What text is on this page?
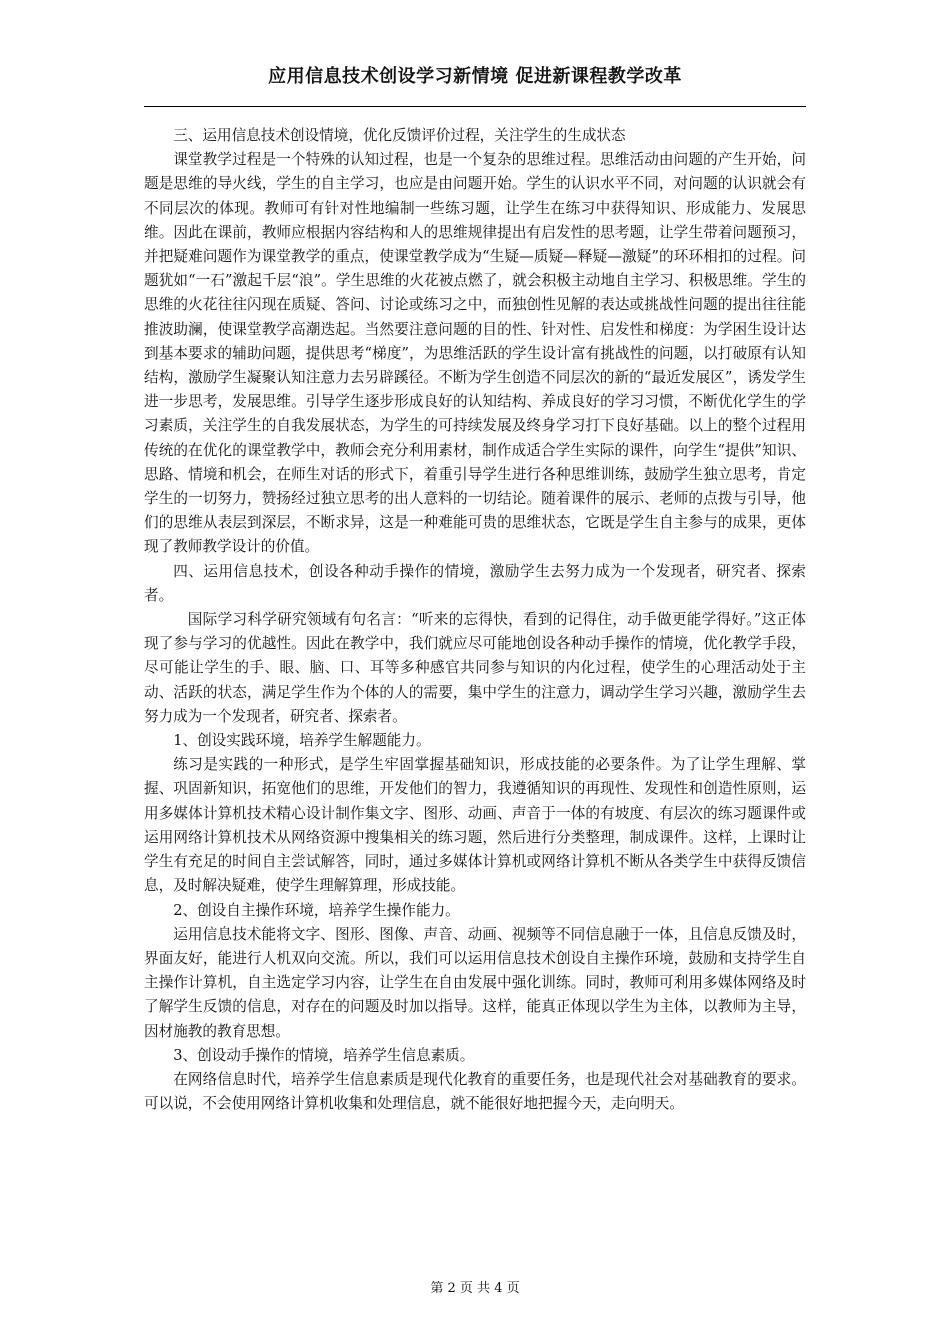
应用信息技术创设学习新情境 促进新课程教学改革

三、运用信息技术创设情境，优化反馈评价过程，关注学生的生成状态

课堂教学过程是一个特殊的认知过程，也是一个复杂的思维过程。思维活动由问题的产生开始，问题是思维的导火线，学生的自主学习，也应是由问题开始。学生的认识水平不同，对问题的认识就会有不同层次的体现。教师可有针对性地编制一些练习题，让学生在练习中获得知识、形成能力、发展思维。因此在课前，教师应根据内容结构和人的思维规律提出有启发性的思考题，让学生带着问题预习，并把疑难问题作为课堂教学的重点，使课堂教学成为“生疑—质疑—释疑—激疑”的环环相扣的过程。问题犹如“一石”激起千层“浪”。学生思维的火花被点燃了，就会积极主动地自主学习、积极思维。学生的思维的火花往往闪现在质疑、答问、讨论或练习之中，而独创性见解的表达或挑战性问题的提出往往能推波助澜，使课堂教学高潮迭起。当然要注意问题的目的性、针对性、启发性和梯度：为学困生设计达到基本要求的辅助问题，提供思考“梯度”，为思维活跃的学生设计富有挑战性的问题，以打破原有认知结构，激励学生凝聚认知注意力去另辟蹊径。不断为学生创造不同层次的新的“最近发展区”，诱发学生进一步思考，发展思维。引导学生逐步形成良好的认知结构、养成良好的学习习惯，不断优化学生的学习素质，关注学生的自我发展状态，为学生的可持续发展及终身学习打下良好基础。以上的整个过程用传统的在优化的课堂教学中，教师会充分利用素材，制作成适合学生实际的课件，向学生“提供”知识、思路、情境和机会，在师生对话的形式下，着重引导学生进行各种思维训练，鼓励学生独立思考，肯定学生的一切努力，赞扬经过独立思考的出人意料的一切结论。随着课件的展示、老师的点拨与引导，他们的思维从表层到深层，不断求异，这是一种难能可贵的思维状态，它既是学生自主参与的成果，更体现了教师教学设计的价值。

四、运用信息技术，创设各种动手操作的情境，激励学生去努力成为一个发现者，研究者、探索者。

国际学习科学研究领域有句名言：“听来的忘得快，看到的记得住，动手做更能学得好。”这正体现了参与学习的优越性。因此在教学中，我们就应尽可能地创设各种动手操作的情境，优化教学手段，尽可能让学生的手、眼、脑、口、耳等多种感官共同参与知识的内化过程，使学生的心理活动处于主动、活跃的状态，满足学生作为个体的人的需要，集中学生的注意力，调动学生学习兴趣，激励学生去努力成为一个发现者，研究者、探索者。

1、创设实践环境，培养学生解题能力。

练习是实践的一种形式，是学生牢固掌握基础知识，形成技能的必要条件。为了让学生理解、掌握、巩固新知识，拓宽他们的思维，开发他们的智力，我遵循知识的再现性、发现性和创造性原则，运用多媒体计算机技术精心设计制作集文字、图形、动画、声音于一体的有坡度、有层次的练习题课件或运用网络计算机技术从网络资源中搜集相关的练习题，然后进行分类整理，制成课件。这样，上课时让学生有充足的时间自主尝试解答，同时，通过多媒体计算机或网络计算机不断从各类学生中获得反馈信息，及时解决疑难，使学生理解算理，形成技能。

2、创设自主操作环境，培养学生操作能力。

运用信息技术能将文字、图形、图像、声音、动画、视频等不同信息融于一体，且信息反馈及时，界面友好，能进行人机双向交流。所以，我们可以运用信息技术创设自主操作环境，鼓励和支持学生自主操作计算机，自主选定学习内容，让学生在自由发展中强化训练。同时，教师可利用多媒体网络及时了解学生反馈的信息，对存在的问题及时加以指导。这样，能真正体现以学生为主体，以教师为主导，因材施教的教育思想。

3、创设动手操作的情境，培养学生信息素质。

在网络信息时代，培养学生信息素质是现代化教育的重要任务，也是现代社会对基础教育的要求。可以说，不会使用网络计算机收集和处理信息，就不能很好地把握今天，走向明天。

第 2 页 共 4 页
